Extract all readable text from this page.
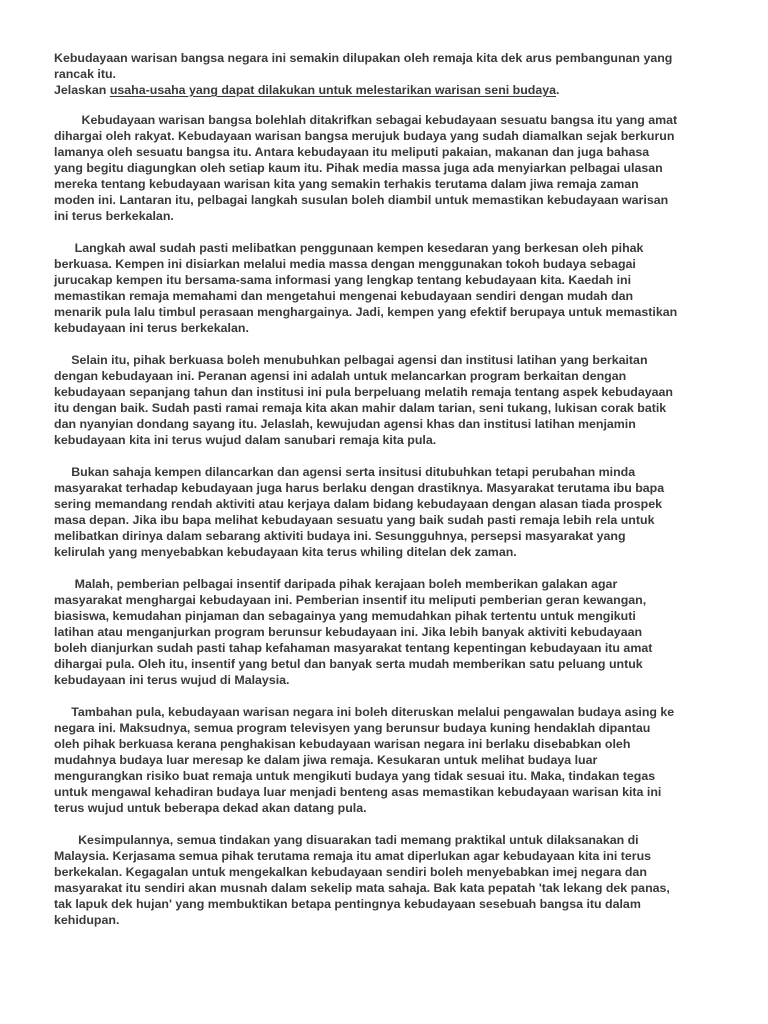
Kebudayaan warisan bangsa negara ini semakin dilupakan oleh remaja kita dek arus pembangunan yang
rancak itu.
Jelaskan usaha-usaha yang dapat dilakukan untuk melestarikan warisan seni budaya.

Kebudayaan warisan bangsa bolehlah ditakrifkan sebagai kebudayaan sesuatu bangsa itu yang amat
dihargai oleh rakyat. Kebudayaan warisan bangsa merujuk budaya yang sudah diamalkan sejak berkurun
lamanya oleh sesuatu bangsa itu. Antara kebudayaan itu meliputi pakaian, makanan dan juga bahasa
yang begitu diagungkan oleh setiap kaum itu. Pihak media massa juga ada menyiarkan pelbagai ulasan
mereka tentang kebudayaan warisan kita yang semakin terhakis terutama dalam jiwa remaja zaman
moden ini. Lantaran itu, pelbagai langkah susulan boleh diambil untuk memastikan kebudayaan warisan
ini terus berkekalan.

Langkah awal sudah pasti melibatkan penggunaan kempen kesedaran yang berkesan oleh pihak
berkuasa. Kempen ini disiarkan melalui media massa dengan menggunakan tokoh budaya sebagai
jurucakap kempen itu bersama-sama informasi yang lengkap tentang kebudayaan kita. Kaedah ini
memastikan remaja memahami dan mengetahui mengenai kebudayaan sendiri dengan mudah dan
menarik pula lalu timbul perasaan menghargainya. Jadi, kempen yang efektif berupaya untuk memastikan
kebudayaan ini terus berkekalan.

Selain itu, pihak berkuasa boleh menubuhkan pelbagai agensi dan institusi latihan yang berkaitan
dengan kebudayaan ini. Peranan agensi ini adalah untuk melancarkan program berkaitan dengan
kebudayaan sepanjang tahun dan institusi ini pula berpeluang melatih remaja tentang aspek kebudayaan
itu dengan baik. Sudah pasti ramai remaja kita akan mahir dalam tarian, seni tukang, lukisan corak batik
dan nyanyian dondang sayang itu. Jelaslah, kewujudan agensi khas dan institusi latihan menjamin
kebudayaan kita ini terus wujud dalam sanubari remaja kita pula.

Bukan sahaja kempen dilancarkan dan agensi serta insitusi ditubuhkan tetapi perubahan minda
masyarakat terhadap kebudayaan juga harus berlaku dengan drastiknya. Masyarakat terutama ibu bapa
sering memandang rendah aktiviti atau kerjaya dalam bidang kebudayaan dengan alasan tiada prospek
masa depan. Jika ibu bapa melihat kebudayaan sesuatu yang baik sudah pasti remaja lebih rela untuk
melibatkan dirinya dalam sebarang aktiviti budaya ini. Sesungguhnya, persepsi masyarakat yang
kelirulah yang menyebabkan kebudayaan kita terus whiling ditelan dek zaman.

Malah, pemberian pelbagai insentif daripada pihak kerajaan boleh memberikan galakan agar
masyarakat menghargai kebudayaan ini. Pemberian insentif itu meliputi pemberian geran kewangan,
biasiswa, kemudahan pinjaman dan sebagainya yang memudahkan pihak tertentu untuk mengikuti
latihan atau menganjurkan program berunsur kebudayaan ini. Jika lebih banyak aktiviti kebudayaan
boleh dianjurkan sudah pasti tahap kefahaman masyarakat tentang kepentingan kebudayaan itu amat
dihargai pula. Oleh itu, insentif yang betul dan banyak serta mudah memberikan satu peluang untuk
kebudayaan ini terus wujud di Malaysia.

Tambahan pula, kebudayaan warisan negara ini boleh diteruskan melalui pengawalan budaya asing ke
negara ini. Maksudnya, semua program televisyen yang berunsur budaya kuning hendaklah dipantau
oleh pihak berkuasa kerana penghakisan kebudayaan warisan negara ini berlaku disebabkan oleh
mudahnya budaya luar meresap ke dalam jiwa remaja. Kesukaran untuk melihat budaya luar
mengurangkan risiko buat remaja untuk mengikuti budaya yang tidak sesuai itu. Maka, tindakan tegas
untuk mengawal kehadiran budaya luar menjadi benteng asas memastikan kebudayaan warisan kita ini
terus wujud untuk beberapa dekad akan datang pula.

Kesimpulannya, semua tindakan yang disuarakan tadi memang praktikal untuk dilaksanakan di
Malaysia. Kerjasama semua pihak terutama remaja itu amat diperlukan agar kebudayaan kita ini terus
berkekalan. Kegagalan untuk mengekalkan kebudayaan sendiri boleh menyebabkan imej negara dan
masyarakat itu sendiri akan musnah dalam sekelip mata sahaja. Bak kata pepatah 'tak lekang dek panas,
tak lapuk dek hujan' yang membuktikan betapa pentingnya kebudayaan sesebuah bangsa itu dalam
kehidupan.
